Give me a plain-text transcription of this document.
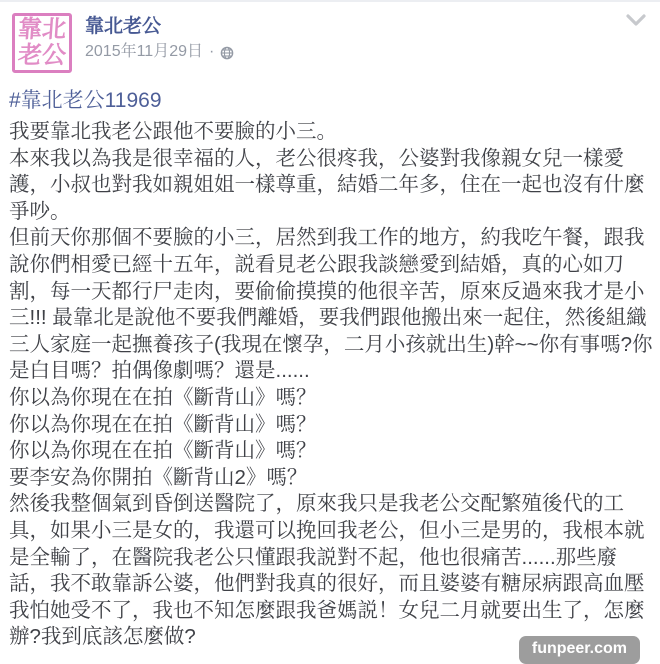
靠
北
老
公
靠北老公
2015年11月29日 ·
#靠北老公11969
我要靠北我老公跟他不要臉的小三。
本來我以為我是很幸福的人，老公很疼我，公婆對我像親女兒一樣愛
護，小叔也對我如親姐姐一樣尊重，結婚二年多，住在一起也沒有什麼
爭吵。
但前天你那個不要臉的小三，居然到我工作的地方，約我吃午餐，跟我
說你們相愛已經十五年，説看見老公跟我談戀愛到結婚，真的心如刀
割，每一天都行尸走肉，要偷偷摸摸的他很辛苦，原來反過來我才是小
三!!! 最靠北是說他不要我們離婚，要我們跟他搬出來一起住，然後組織
三人家庭一起撫養孩子(我現在懷孕，二月小孩就出生)幹~~你有事嗎?你
是白目嗎？拍偶像劇嗎？還是......
你以為你現在在拍《斷背山》嗎？
你以為你現在在拍《斷背山》嗎？
你以為你現在在拍《斷背山》嗎？
要李安為你開拍《斷背山2》嗎？
然後我整個氣到昏倒送醫院了，原來我只是我老公交配繁殖後代的工
具，如果小三是女的，我還可以挽回我老公，但小三是男的，我根本就
是全輸了，在醫院我老公只懂跟我説對不起，他也很痛苦......那些廢
話，我不敢靠訴公婆，他們對我真的很好，而且婆婆有糖尿病跟高血壓
我怕她受不了，我也不知怎麼跟我爸媽説！女兒二月就要出生了，怎麼
辦?我到底該怎麼做?
funpeer.com
